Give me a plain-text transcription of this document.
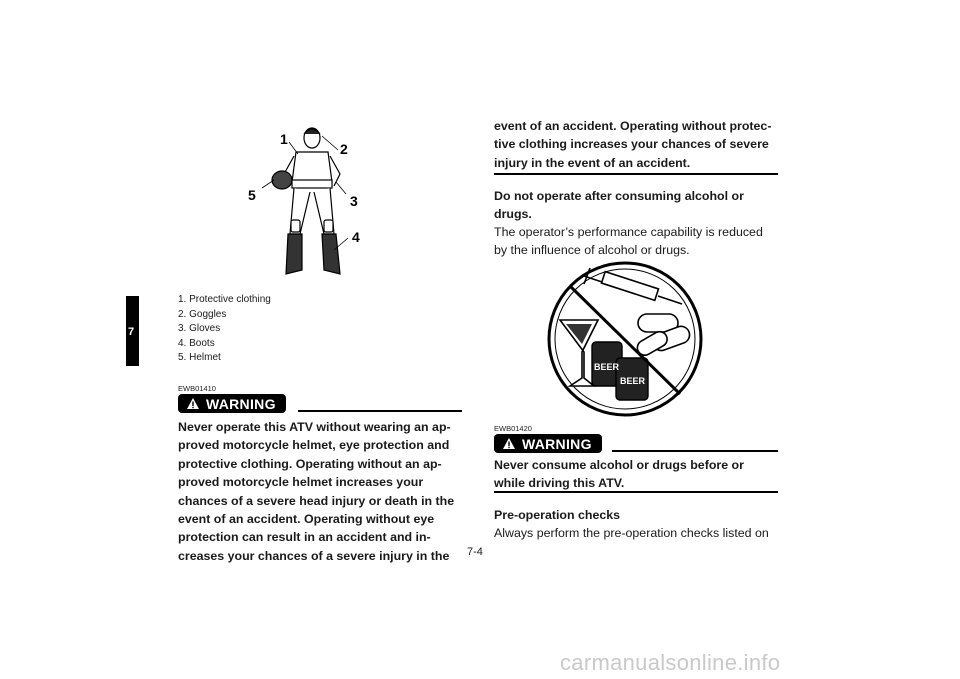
7
1
2
3
4
5
1. Protective clothing
2. Goggles
3. Gloves
4. Boots
5. Helmet
EWB01410
WARNING

Never operate this ATV without wearing an ap-

proved motorcycle helmet, eye protection and

protective clothing. Operating without an ap-

proved motorcycle helmet increases your

chances of a severe head injury or death in the

event of an accident. Operating without eye

protection can result in an accident and in-

creases your chances of a severe injury in the

event of an accident. Operating without protec-

tive clothing increases your chances of severe

injury in the event of an accident.

Do not operate after consuming alcohol or

drugs.

The operator’s performance capability is reduced

by the influence of alcohol or drugs.

BEER
BEER
EWB01420
WARNING

Never consume alcohol or drugs before or

while driving this ATV.

Pre-operation checks

Always perform the pre-operation checks listed on

7-4
carmanualsonline.info
